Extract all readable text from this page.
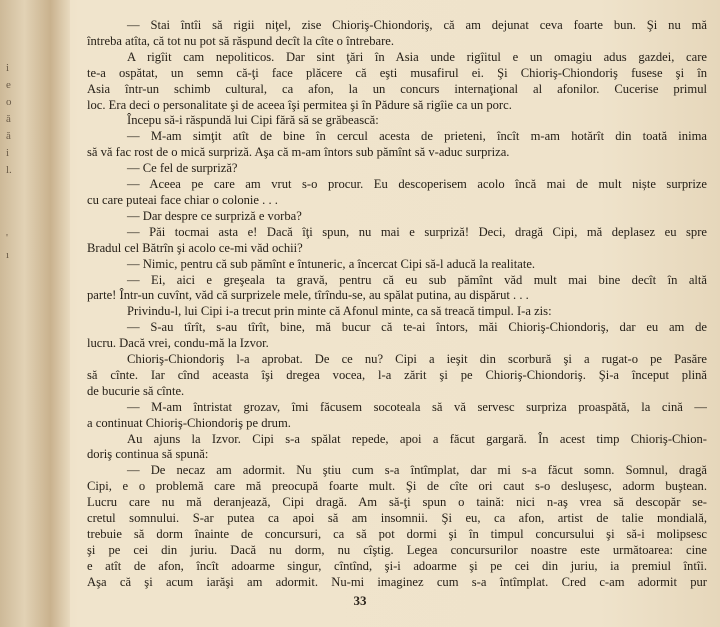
i
e
o
ă
ă
i
l.
'
ı
— Stai întîi să rigii niţel, zise Chioriş-Chiondoriş, că am dejunat ceva foarte bun. Şi nu mă
întreba atîta, că tot nu pot să răspund decît la cîte o întrebare.
A rigîit cam nepoliticos. Dar sint ţări în Asia unde rigîitul e un omagiu adus gazdei, care
te-a ospătat, un semn că-ţi face plăcere că eşti musafirul ei. Şi Chioriş-Chiondoriş fusese şi în
Asia într-un schimb cultural, ca afon, la un concurs internaţional al afonilor. Cucerise primul
loc. Era deci o personalitate şi de aceea îşi permitea şi în Pădure să rigîie ca un porc.
Începu să-i răspundă lui Cipi fără să se grăbească:
— M-am simţit atît de bine în cercul acesta de prieteni, încît m-am hotărît din toată inima
să vă fac rost de o mică surpriză. Aşa că m-am întors sub pămînt să v-aduc surpriza.
— Ce fel de surpriză?
— Aceea pe care am vrut s-o procur. Eu descoperisem acolo încă mai de mult niște surprize
cu care puteai face chiar o colonie . . .
— Dar despre ce surpriză e vorba?
— Păi tocmai asta e! Dacă îţi spun, nu mai e surpriză! Deci, dragă Cipi, mă deplasez eu spre
Bradul cel Bătrîn şi acolo ce-mi văd ochii?
— Nimic, pentru că sub pămînt e întuneric, a încercat Cipi să-l aducă la realitate.
— Ei, aici e greşeala ta gravă, pentru că eu sub pămînt văd mult mai bine decît în altă
parte! Într-un cuvînt, văd că surprizele mele, tîrîndu-se, au spălat putina, au dispărut . . .
Privindu-l, lui Cipi i-a trecut prin minte că Afonul minte, ca să treacă timpul. I-a zis:
— S-au tîrît, s-au tîrît, bine, mă bucur că te-ai întors, măi Chioriş-Chiondoriş, dar eu am de
lucru. Dacă vrei, condu-mă la Izvor.
Chioriş-Chiondoriş l-a aprobat. De ce nu? Cipi a ieşit din scorbură şi a rugat-o pe Pasăre
să cînte. Iar cînd aceasta îşi dregea vocea, l-a zărit şi pe Chioriş-Chiondoriş. Şi-a început plină
de bucurie să cînte.
— M-am întristat grozav, îmi făcusem socoteala să vă servesc surpriza proaspătă, la cină —
a continuat Chioriş-Chiondoriş pe drum.
Au ajuns la Izvor. Cipi s-a spălat repede, apoi a făcut gargară. În acest timp Chioriş-Chion-
doriş continua să spună:
— De necaz am adormit. Nu ştiu cum s-a întîmplat, dar mi s-a făcut somn. Somnul, dragă
Cipi, e o problemă care mă preocupă foarte mult. Şi de cîte ori caut s-o deslușesc, adorm buştean.
Lucru care nu mă deranjează, Cipi dragă. Am să-ţi spun o taină: nici n-aş vrea să descopăr se-
cretul somnului. S-ar putea ca apoi să am insomnii. Şi eu, ca afon, artist de talie mondială,
trebuie să dorm înainte de concursuri, ca să pot dormi şi în timpul concursului şi să-i molipsesc
şi pe cei din juriu. Dacă nu dorm, nu cîştig. Legea concursurilor noastre este următoarea: cine
e atît de afon, încît adoarme singur, cîntînd, şi-i adoarme şi pe cei din juriu, ia premiul întîi.
Aşa că şi acum iarăşi am adormit. Nu-mi imaginez cum s-a întîmplat. Cred c-am adormit pur
33
